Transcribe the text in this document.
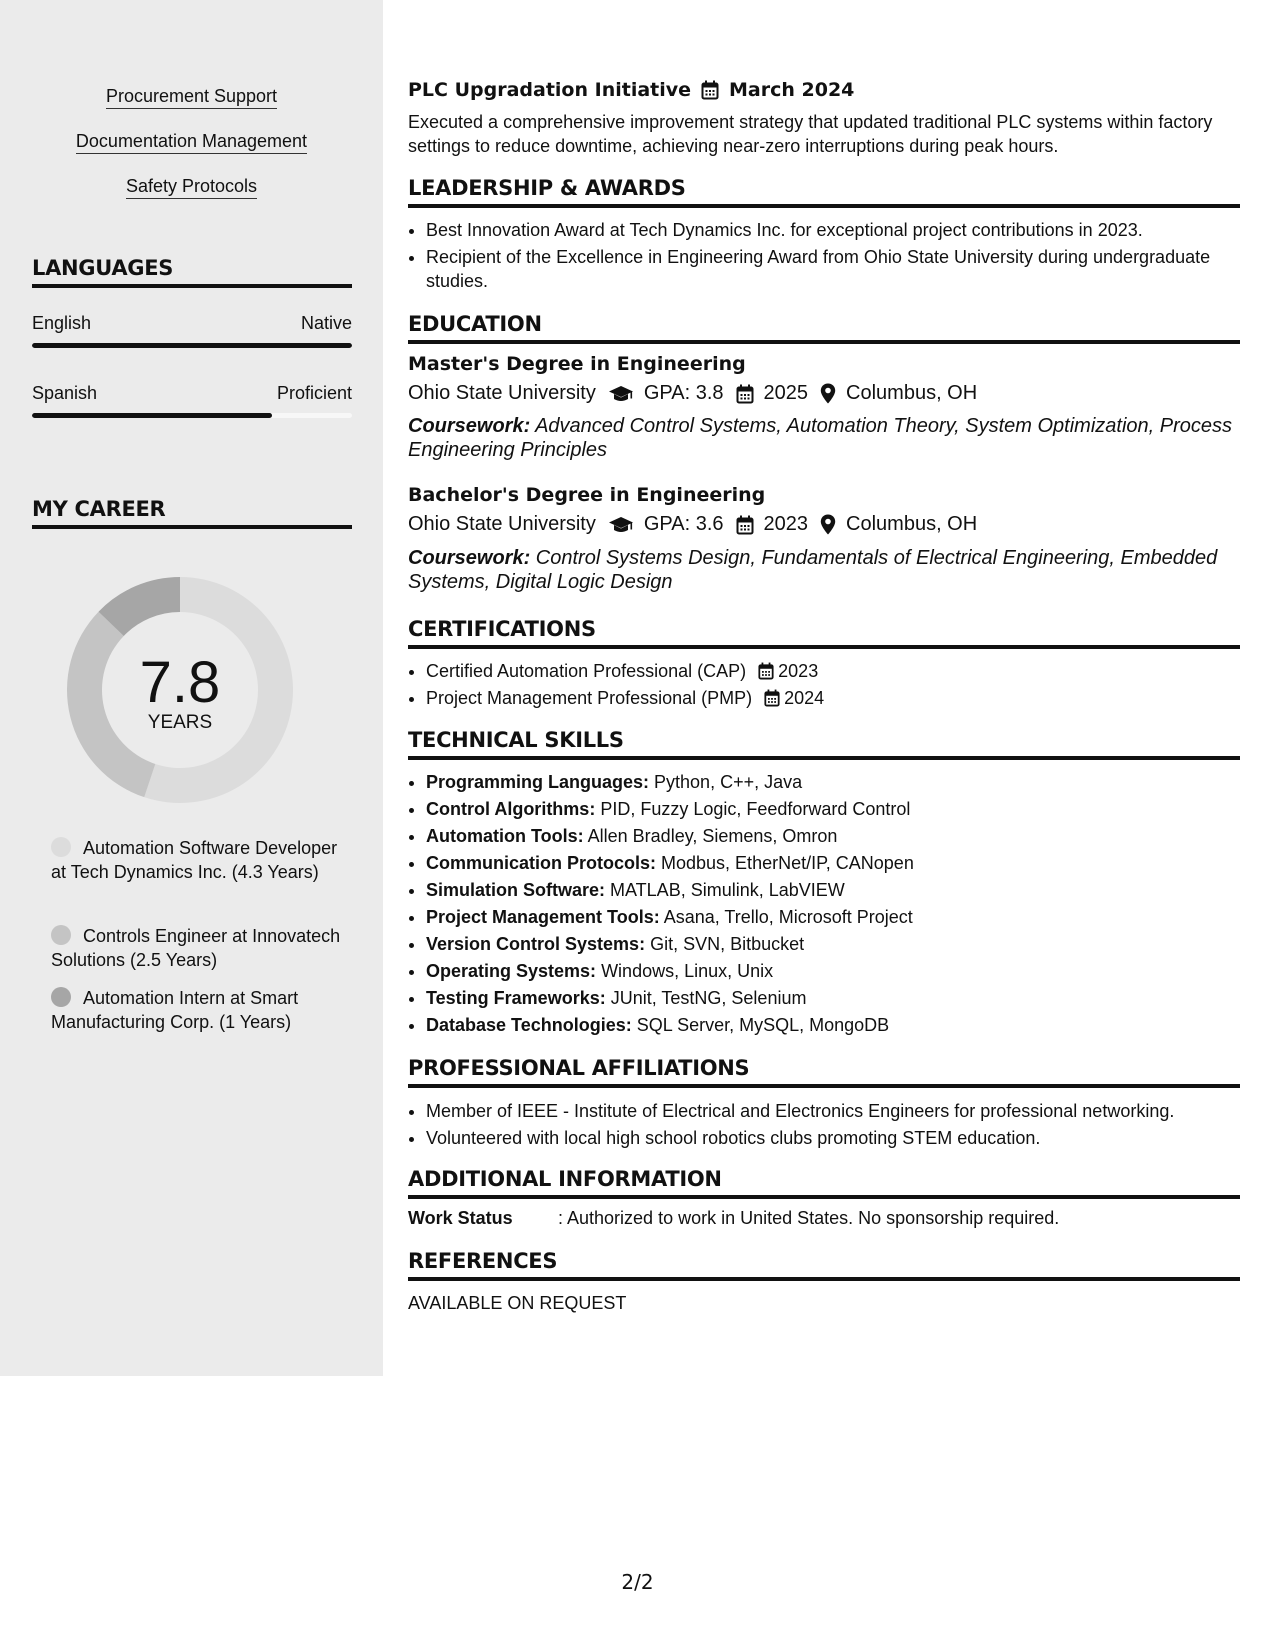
Procurement Support
Documentation Management
Safety Protocols
LANGUAGES
English	Native
Spanish	Proficient
MY CAREER
7.8
YEARS
Automation Software Developer at Tech Dynamics Inc. (4.3 Years)
Controls Engineer at Innovatech Solutions (2.5 Years)
Automation Intern at Smart Manufacturing Corp. (1 Years)
PLC Upgradation Initiative March 2024
Executed a comprehensive improvement strategy that updated traditional PLC systems within factory settings to reduce downtime, achieving near-zero interruptions during peak hours.
LEADERSHIP & AWARDS
• Best Innovation Award at Tech Dynamics Inc. for exceptional project contributions in 2023.
• Recipient of the Excellence in Engineering Award from Ohio State University during undergraduate studies.
EDUCATION
Master's Degree in Engineering
Ohio State University GPA: 3.8 2025 Columbus, OH
Coursework: Advanced Control Systems, Automation Theory, System Optimization, Process Engineering Principles
Bachelor's Degree in Engineering
Ohio State University GPA: 3.6 2023 Columbus, OH
Coursework: Control Systems Design, Fundamentals of Electrical Engineering, Embedded Systems, Digital Logic Design
CERTIFICATIONS
• Certified Automation Professional (CAP) 2023
• Project Management Professional (PMP) 2024
TECHNICAL SKILLS
• Programming Languages: Python, C++, Java
• Control Algorithms: PID, Fuzzy Logic, Feedforward Control
• Automation Tools: Allen Bradley, Siemens, Omron
• Communication Protocols: Modbus, EtherNet/IP, CANopen
• Simulation Software: MATLAB, Simulink, LabVIEW
• Project Management Tools: Asana, Trello, Microsoft Project
• Version Control Systems: Git, SVN, Bitbucket
• Operating Systems: Windows, Linux, Unix
• Testing Frameworks: JUnit, TestNG, Selenium
• Database Technologies: SQL Server, MySQL, MongoDB
PROFESSIONAL AFFILIATIONS
• Member of IEEE - Institute of Electrical and Electronics Engineers for professional networking.
• Volunteered with local high school robotics clubs promoting STEM education.
ADDITIONAL INFORMATION
Work Status	: Authorized to work in United States. No sponsorship required.
REFERENCES
AVAILABLE ON REQUEST
2/2
